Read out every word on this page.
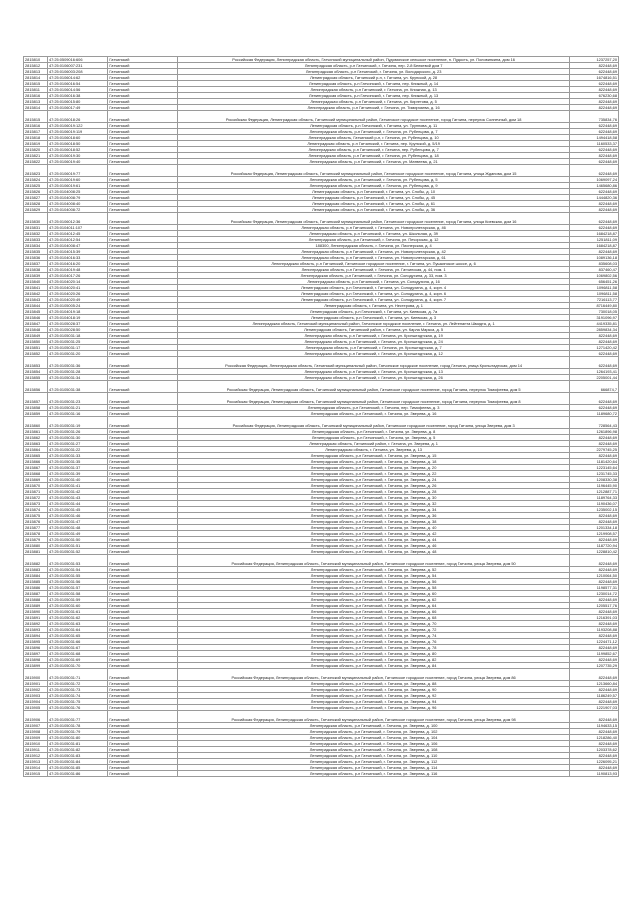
2815810	47:25:0509016:606	Гатчинский	Российская Федерация, Ленинградская область, Гатчинский муниципальный район, Пудомягское сельское поселение, п. Пудость, ул. Половинкина, дом 16	1237257,20
2815812	47:25:0106007:231	Гатчинский	Ленинградская область, р-н Гатчинский, г. Гатчина, пер. 2-й Беляевой дом 7	822448,69
2815813	47:25:0106003:208	Гатчинский	Ленинградская область, р-н Гатчинский, г. Гатчина, ул. Володарского, д. 23	622448,69
2815814	47:25:0106014:62	Гатчинский	Ленинградская область, Гатчинский р-н, г. Гатчина, ул. Крупской, д. 28	1674816,51
2815815	47:25:0106016:54	Гатчинский	Ленинградская область, р-н Гатчинский, г. Гатчина, пер. Книжный, д. 14	622448,69
2815811	47:25:0106014:56	Гатчинский	Ленинградская область, р-н Гатчинский, г. Гатчина, ул. Книжная, д. 13	822448,69
2815816	47:25:0106016:38	Гатчинский	Ленинградская область, р-н Гатчинский, г. Гатчина, пер. Книжный, д. 13	676230,68
2815813	47:25:0106015:80	Гатчинский	Ленинградская область, р-н Гатчинский, г. Гатчина, ул. Киргетова, д. 5	822448,69
2815814	47:25:0106017:49	Гатчинский	Ленинградская область, р-н Гатчинский, г. Гатчина, ул. Тимирязева, д. 16	822448,69
2815815	47:25:0106018:26	Гатчинский	Российская Федерация, Ленинградская область, Гатчинский муниципальный район, Гатчинское городское поселение, город Гатчина, переулок Солнечный, дом 18	735834,76
2815816	47:25:0106019:122	Гатчинский	Ленинградская область, р-н Гатчинский, г. Гатчина, ул. Труппова, д. 11	622448,69
2815817	47:25:0106019:119	Гатчинский	Ленинградская область, р-н Гатчинский, г. Гатчина, ул. Рубенцова, д. 7	622448,69
2815818	47:25:0106018:60	Гатчинский	Ленинградская область, Гатчинский р-н, г. Гатчина, ул. Рубенцова, д. 10	1494418,58
2815819	47:25:0106018:50	Гатчинский	Ленинградская область, р-н Гатчинский, г. Гатчина, пер. Крупской, д. 5/19	1160533,37
2815820	47:25:0106018:52	Гатчинский	Ленинградская область, р-н Гатчинский, г. Гатчина, пер. Рубенцова, д. 7	622448,69
2815821	47:25:0106019:30	Гатчинский	Ленинградская область, р-н Гатчинский, г. Гатчина, ул. Рубенцова, д. 18	822448,69
2815822	47:25:0106019:40	Гатчинский	Ленинградская область, р-н Гатчинский, г. Гатчина, ул. Матвеева, д. 21	622448,69
2815823	47:25:0106019:77	Гатчинский	Российская Федерация, Ленинградская область, Гатчинский муниципальный район, Гатчинское городское поселение, город Гатчина, улица Жданова, дом 15	622448,69
2815824	47:25:0106019:60	Гатчинский	Ленинградская область, р-н Гатчинский, г. Гатчина, ул. Рубенцова, д. 5	1069097,24
2815825	47:25:0106019:61	Гатчинский	Ленинградская область, р-н Гатчинский, г. Гатчина, ул. Рубенцова, д. 9	1465680,86
2815826	47:25:0104008:25	Гатчинский	Ленинградская область, р-н Гатчинский, г. Гатчина, ул. Слобы, д. 10	622448,69
2815827	47:25:0104008:79	Гатчинский	Ленинградская область, р-н Гатчинский, г. Гатчина, ул. Слобы, д. 45	1444820,36
2815828	47:25:0104008:40	Гатчинский	Ленинградская область, р-н Гатчинский, г. Гатчина, ул. Слобы, д. 61	822448,69
2815829	47:25:0104008:72	Гатчинский	Ленинградская область, р-н Гатчинский, г. Гатчина, ул. Слобы, д. 36	822448,69
2815830	47:25:0106012:36	Гатчинский	Российская Федерация, Ленинградская область, Гатчинский муниципальный район, Гатчинское городское поселение, город Гатчина, улица Киевская, дом 16	622448,69
2815831	47:25:0104011:107	Гатчинский	Ленинградская область, р-н Гатчинский, г. Гатчина, ул. Новопролетарская, д. 46	622448,69
2815832	47:25:0104012:45	Гатчинский	Ленинградская область, р-н Гатчинский, г. Гатчина, ул. Школьная, д. 39	1684218,87
2815833	47:25:0104012:54	Гатчинский	Ленинградская область, р-н Гатчинский, г. Гатчина, ул. Печорская, д. 12	1251811,09
2815834	47:25:0104008:47	Гатчинский	188300, Ленинградская область, г. Гатчина, ул. Пионерская, д. 4	1684218,87
2815835	47:25:0104015:39	Гатчинский	Ленинградская область, р-н Гатчинский, г. Гатчина, ул. Новопролетарская, д. 42	822448,69
2815836	47:25:0104016:33	Гатчинский	Ленинградская область, р-н Гатчинский, г. Гатчина, ул. Новопролетарская, д. 61	1089136,18
2815837	47:25:0104016:20	Гатчинский	Ленинградская область, р-н Гатчинский, Гатчинское городское поселение, г. Гатчина, ул. Пушкинское шоссе, д. 6	835608,03
2815838	47:25:0104019:48	Гатчинский	Ленинградская область, р-н Гатчинский, г. Гатчина, ул. Гатчинская, д. 44, пом. 1	837460,47
2815839	47:25:0104017:26	Гатчинский	Ленинградская область, р-н Гатчинский, г. Гатчина, ул. Солодухина, д. 33, пом. 3	1069802,56
2815840	47:25:0104020:14	Гатчинский	Ленинградская область, р-н Гатчинский, г. Гатчина, ул. Солодухина, д. 16	656451,26
2815841	47:25:0104020:41	Гатчинский	Ленинградская область, р-н Гатчинский, г. Гатчина, ул. Солодухина, д. 4, корп. 4	1096811,58
2815842	47:25:0104020:26	Гатчинский	Ленинградская область, р-н Гатчинский, г. Гатчина, ул. Солодухина, д. 4, корп. 6	1096811,58
2815843	47:25:0104020:49	Гатчинский	Ленинградская область, р-н Гатчинский, г. Гатчина, ул. Солодухина, д. 4, корп. 7	7216113,77
2815844	47:25:0105005:24	Гатчинский	Ленинградская область, г. Гатчина, ул. Нестерова, д. 1	8716449,80
2815845	47:25:0104019:18	Гатчинский	Ленинградская область, р-н Гатчинский, г. Гатчина, ул. Киевская, д. 7а	730018,05
2815846	47:25:0104018:19	Гатчинский	Ленинградская область, р-н Гатчинский, г. Гатчина, ул. Киевская, д. 3	3191096,97
2815847	47:25:0105028:37	Гатчинский	Ленинградская область, Гатчинский муниципальный район, Гатчинское городское поселение, г. Гатчина, ул. Лейтенанта Шмидта, д. 1	4419335,81
2815848	47:25:0105028:50	Гатчинский	Ленинградская область, Гатчинский район, г. Гатчина, ул. Карла Маркса, д. 5	2859834,34
2815849	47:25:0105031:18	Гатчинский	Ленинградская область, р-н Гатчинский, г. Гатчина, ул. Кронштадтская, д. 19	822448,69
2815850	47:25:0105031:25	Гатчинский	Ленинградская область, р-н Гатчинский, г. Гатчина, ул. Кронштадтская, д. 24	822448,69
2815851	47:25:0105031:17	Гатчинский	Ленинградская область, р-н Гатчинский, г. Гатчина, ул. Кронштадтская, д. 7	1271420,42
2815852	47:25:0105031:20	Гатчинский	Ленинградская область, р-н Гатчинский, г. Гатчина, ул. Кронштадтская, д. 12	622448,69
2815853	47:25:0105031:36	Гатчинский	Российская Федерация, Ленинградская область, Гатчинский муниципальный район, Гатчинское городское поселение, город Гатчина, улица Кронштадтская, дом 14	622448,69
2815854	47:25:0105031:28	Гатчинский	Ленинградская область, р-н Гатчинский, г. Гатчина, ул. Кронштадтская, д. 13	1264193,41
2815855	47:25:0105031:34	Гатчинский	Ленинградская область, р-н Гатчинский, г. Гатчина, ул. Кронштадтская, д. 26	2205001,44
2815856	47:25:0105031:38	Гатчинский	Российская Федерация, Ленинградская область, Гатчинский муниципальный район, Гатчинское городское поселение, город Гатчина, переулок Тимофеева, дом 5	666874,7
2815857	47:25:0105031:23	Гатчинский	Российская Федерация, Ленинградская область, Гатчинский муниципальный район, Гатчинское городское поселение, город Гатчина, переулок Тимофеева, дом 8	622448,69
2815858	47:25:0105031:21	Гатчинский	Ленинградская область, р-н Гатчинский, г. Гатчина, пер. Тимофеева, д. 3	622448,69
2815859	47:25:0105031:16	Гатчинский	Ленинградская область, р-н Гатчинский, г. Гатчина, ул. Зверева, д. 16	1189680,72
2815860	47:25:0105031:19	Гатчинский	Российская Федерация, Ленинградская область, Гатчинский муниципальный район, Гатчинское городское поселение, город Гатчина, улица Зверева, дом 3	728564,43
2815861	47:25:0105031:26	Гатчинский	Ленинградская область, р-н Гатчинский, г. Гатчина, ул. Зверева, д. 8	1261896,98
2815862	47:25:0105031:30	Гатчинский	Ленинградская область, р-н Гатчинский, г. Гатчина, ул. Зверева, д. 5	822448,69
2815863	47:25:0105031:27	Гатчинский	Ленинградская область, Гатчинский район, г. Гатчина, ул. Зверева, д. 1	822448,69
2815864	47:25:0105031:22	Гатчинский	Ленинградская область, г. Гатчина, ул. Зверева, д. 13	2279745,25
2815865	47:25:0105031:33	Гатчинский	Ленинградская область, р-н Гатчинский, г. Гатчина, ул. Зверева, д. 15	822448,69
2815866	47:25:0105031:35	Гатчинский	Ленинградская область, р-н Гатчинский, г. Гатчина, ул. Зверева, д. 18	1181420,64
2815867	47:25:0105031:37	Гатчинский	Ленинградская область, р-н Гатчинский, г. Гатчина, ул. Зверева, д. 20	1223145,64
2815868	47:25:0105031:39	Гатчинский	Ленинградская область, р-н Гатчинский, г. Гатчина, ул. Зверева, д. 22	1231745,33
2815869	47:25:0105031:40	Гатчинский	Ленинградская область, р-н Гатчинский, г. Гатчина, ул. Зверева, д. 24	1208330,38
2815870	47:25:0105031:41	Гатчинский	Ленинградская область, р-н Гатчинский, г. Гатчина, ул. Зверева, д. 26	1196445,90
2815871	47:25:0105031:42	Гатчинский	Ленинградская область, р-н Гатчинский, г. Гатчина, ул. Зверева, д. 28	1212887,71
2815872	47:25:0105031:43	Гатчинский	Ленинградская область, р-н Гатчинский, г. Гатчина, ул. Зверева, д. 30	1189764,33
2815873	47:25:0105031:44	Гатчинский	Ленинградская область, р-н Гатчинский, г. Гатчина, ул. Зверева, д. 32	1190436,07
2815874	47:25:0105031:45	Гатчинский	Ленинградская область, р-н Гатчинский, г. Гатчина, ул. Зверева, д. 34	1235002,15
2815875	47:25:0105031:46	Гатчинский	Ленинградская область, р-н Гатчинский, г. Гатчина, ул. Зверева, д. 36	822448,69
2815876	47:25:0105031:47	Гатчинский	Ленинградская область, р-н Гатчинский, г. Гатчина, ул. Зверева, д. 38	822448,69
2815877	47:25:0105031:48	Гатчинский	Ленинградская область, р-н Гатчинский, г. Гатчина, ул. Зверева, д. 40	1201334,18
2815878	47:25:0105031:49	Гатчинский	Ленинградская область, р-н Гатчинский, г. Гатчина, ул. Зверева, д. 42	1219908,57
2815879	47:25:0105031:50	Гатчинский	Ленинградская область, р-н Гатчинский, г. Гатчина, ул. Зверева, д. 44	822448,69
2815880	47:25:0105031:51	Гатчинский	Ленинградская область, р-н Гатчинский, г. Гатчина, ул. Зверева, д. 46	1187720,94
2815881	47:25:0105031:52	Гатчинский	Ленинградская область, р-н Гатчинский, г. Гатчина, ул. Зверева, д. 48	1228810,42
2815882	47:25:0105031:53	Гатчинский	Российская Федерация, Ленинградская область, Гатчинский муниципальный район, Гатчинское городское поселение, город Гатчина, улица Зверева, дом 50	822448,69
2815883	47:25:0105031:54	Гатчинский	Ленинградская область, р-н Гатчинский, г. Гатчина, ул. Зверева, д. 52	822448,69
2815884	47:25:0105031:55	Гатчинский	Ленинградская область, р-н Гатчинский, г. Гатчина, ул. Зверева, д. 54	1210064,50
2815885	47:25:0105031:56	Гатчинский	Ленинградская область, р-н Гатчинский, г. Гатчина, ул. Зверева, д. 56	822448,69
2815886	47:25:0105031:57	Гатчинский	Ленинградская область, р-н Гатчинский, г. Гатчина, ул. Зверева, д. 58	1198577,31
2815887	47:25:0105031:58	Гатчинский	Ленинградская область, р-н Гатчинский, г. Гатчина, ул. Зверева, д. 60	1230014,72
2815888	47:25:0105031:59	Гатчинский	Ленинградская область, р-н Гатчинский, г. Гатчина, ул. Зверева, д. 62	822448,69
2815889	47:25:0105031:60	Гатчинский	Ленинградская область, р-н Гатчинский, г. Гатчина, ул. Зверева, д. 64	1205517,76
2815890	47:25:0105031:61	Гатчинский	Ленинградская область, р-н Гатчинский, г. Гатчина, ул. Зверева, д. 66	822448,69
2815891	47:25:0105031:62	Гатчинский	Ленинградская область, р-н Гатчинский, г. Гатчина, ул. Зверева, д. 68	1216391,03
2815892	47:25:0105031:63	Гатчинский	Ленинградская область, р-н Гатчинский, г. Гатчина, ул. Зверева, д. 70	822448,69
2815893	47:25:0105031:64	Гатчинский	Ленинградская область, р-н Гатчинский, г. Гатчина, ул. Зверева, д. 72	1193208,88
2815894	47:25:0105031:65	Гатчинский	Ленинградская область, р-н Гатчинский, г. Гатчина, ул. Зверева, д. 74	822448,69
2815895	47:25:0105031:66	Гатчинский	Ленинградская область, р-н Гатчинский, г. Гатчина, ул. Зверева, д. 76	1224471,12
2815896	47:25:0105031:67	Гатчинский	Ленинградская область, р-н Гатчинский, г. Гатчина, ул. Зверева, д. 78	822448,69
2815897	47:25:0105031:68	Гатчинский	Ленинградская область, р-н Гатчинский, г. Гатчина, ул. Зверева, д. 80	1199852,67
2815898	47:25:0105031:69	Гатчинский	Ленинградская область, р-н Гатчинский, г. Гатчина, ул. Зверева, д. 82	822448,69
2815899	47:25:0105031:70	Гатчинский	Ленинградская область, р-н Гатчинский, г. Гатчина, ул. Зверева, д. 84	1207735,29
2815900	47:25:0105031:71	Гатчинский	Российская Федерация, Ленинградская область, Гатчинский муниципальный район, Гатчинское городское поселение, город Гатчина, улица Зверева, дом 86	822448,69
2815901	47:25:0105031:72	Гатчинский	Ленинградская область, р-н Гатчинский, г. Гатчина, ул. Зверева, д. 88	1213660,84
2815902	47:25:0105031:73	Гатчинский	Ленинградская область, р-н Гатчинский, г. Гатчина, ул. Зверева, д. 90	822448,69
2815903	47:25:0105031:74	Гатчинский	Ленинградская область, р-н Гатчинский, г. Гатчина, ул. Зверева, д. 92	1186249,57
2815904	47:25:0105031:75	Гатчинский	Ленинградская область, р-н Гатчинский, г. Гатчина, ул. Зверева, д. 94	822448,69
2815905	47:25:0105031:76	Гатчинский	Ленинградская область, р-н Гатчинский, г. Гатчина, ул. Зверева, д. 96	1221907,03
2815906	47:25:0105031:77	Гатчинский	Российская Федерация, Ленинградская область, Гатчинский муниципальный район, Гатчинское городское поселение, город Гатчина, улица Зверева, дом 98	822448,69
2815907	47:25:0105031:78	Гатчинский	Ленинградская область, р-н Гатчинский, г. Гатчина, ул. Зверева, д. 100	1194633,15
2815908	47:25:0105031:79	Гатчинский	Ленинградская область, р-н Гатчинский, г. Гатчина, ул. Зверева, д. 102	822448,69
2815909	47:25:0105031:80	Гатчинский	Ленинградская область, р-н Гатчинский, г. Гатчина, ул. Зверева, д. 104	1218286,40
2815910	47:25:0105031:81	Гатчинский	Ленинградская область, р-н Гатчинский, г. Гатчина, ул. Зверева, д. 106	822448,69
2815911	47:25:0105031:82	Гатчинский	Ленинградская область, р-н Гатчинский, г. Гатчина, ул. Зверева, д. 108	1203378,62
2815912	47:25:0105031:83	Гатчинский	Ленинградская область, р-н Гатчинский, г. Гатчина, ул. Зверева, д. 110	822448,69
2815913	47:25:0105031:84	Гатчинский	Ленинградская область, р-н Гатчинский, г. Гатчина, ул. Зверева, д. 112	1226095,21
2815914	47:25:0105031:85	Гатчинский	Ленинградская область, р-н Гатчинский, г. Гатчина, ул. Зверева, д. 114	822448,69
2815915	47:25:0105031:86	Гатчинский	Ленинградская область, р-н Гатчинский, г. Гатчина, ул. Зверева, д. 116	1190813,93
